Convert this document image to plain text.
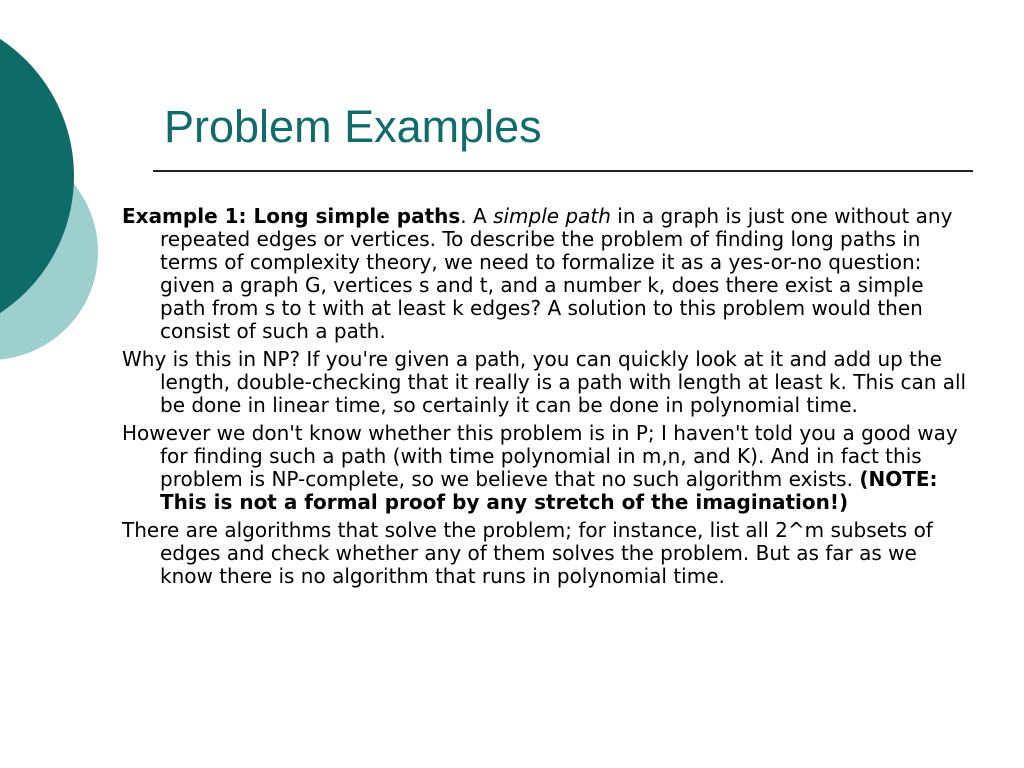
Problem Examples

Example 1: Long simple paths. A simple path in a graph is just one without any repeated edges or vertices. To describe the problem of finding long paths in terms of complexity theory, we need to formalize it as a yes-or-no question: given a graph G, vertices s and t, and a number k, does there exist a simple path from s to t with at least k edges? A solution to this problem would then consist of such a path.

Why is this in NP? If you're given a path, you can quickly look at it and add up the length, double-checking that it really is a path with length at least k. This can all be done in linear time, so certainly it can be done in polynomial time.

However we don't know whether this problem is in P; I haven't told you a good way for finding such a path (with time polynomial in m,n, and K). And in fact this problem is NP-complete, so we believe that no such algorithm exists. (NOTE: This is not a formal proof by any stretch of the imagination!)

There are algorithms that solve the problem; for instance, list all 2^m subsets of edges and check whether any of them solves the problem. But as far as we know there is no algorithm that runs in polynomial time.
